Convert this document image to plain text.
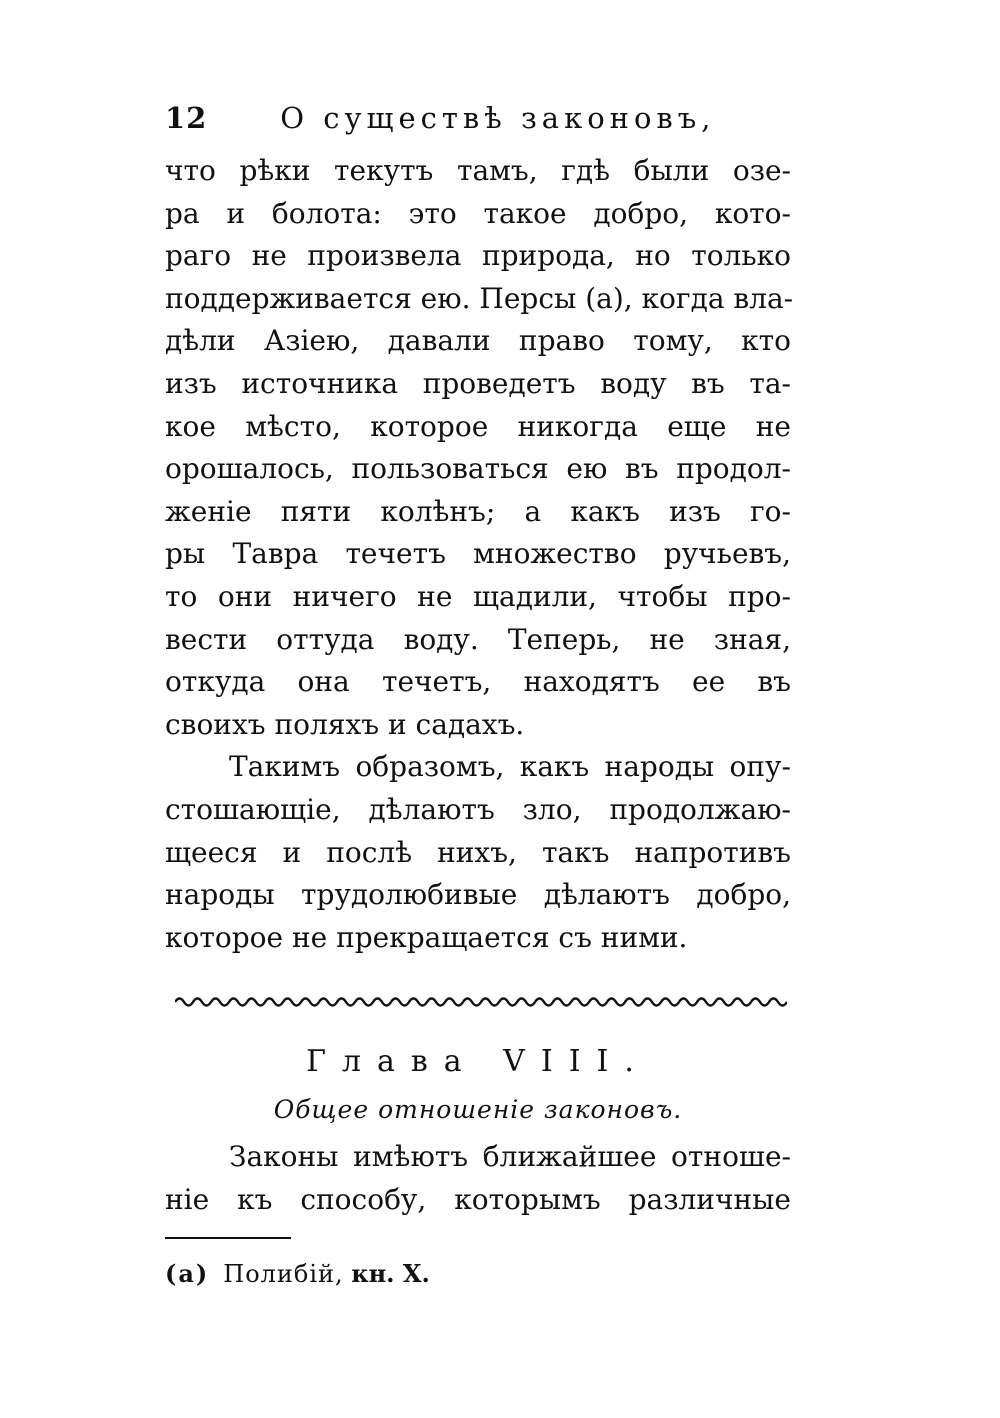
12	О существѣ законовъ,
что рѣки текутъ тамъ, гдѣ были озе-
ра и болота: это такое добро, кото-
раго не произвела природа, но только
поддерживается ею. Персы (а), когда вла-
дѣли Азіею, давали право тому, кто
изъ источника проведетъ воду въ та-
кое мѣсто, которое никогда еще не
орошалось, пользоваться ею въ продол-
женіе пяти колѣнъ; а какъ изъ го-
ры Тавра течетъ множество ручьевъ,
то они ничего не щадили, чтобы про-
вести оттуда воду. Теперь, не зная,
откуда она течетъ, находятъ ее въ
своихъ поляхъ и садахъ.
Такимъ образомъ, какъ народы опу-
стошающіе, дѣлаютъ зло, продолжаю-
щееся и послѣ нихъ, такъ напротивъ
народы трудолюбивые дѣлаютъ добро,
которое не прекращается съ ними.
Глава VIII.
Общее отношеніе законовъ.
Законы имѣютъ ближайшее отноше-
ніе къ способу, которымъ различные
(а) Полибій, кн. X.
